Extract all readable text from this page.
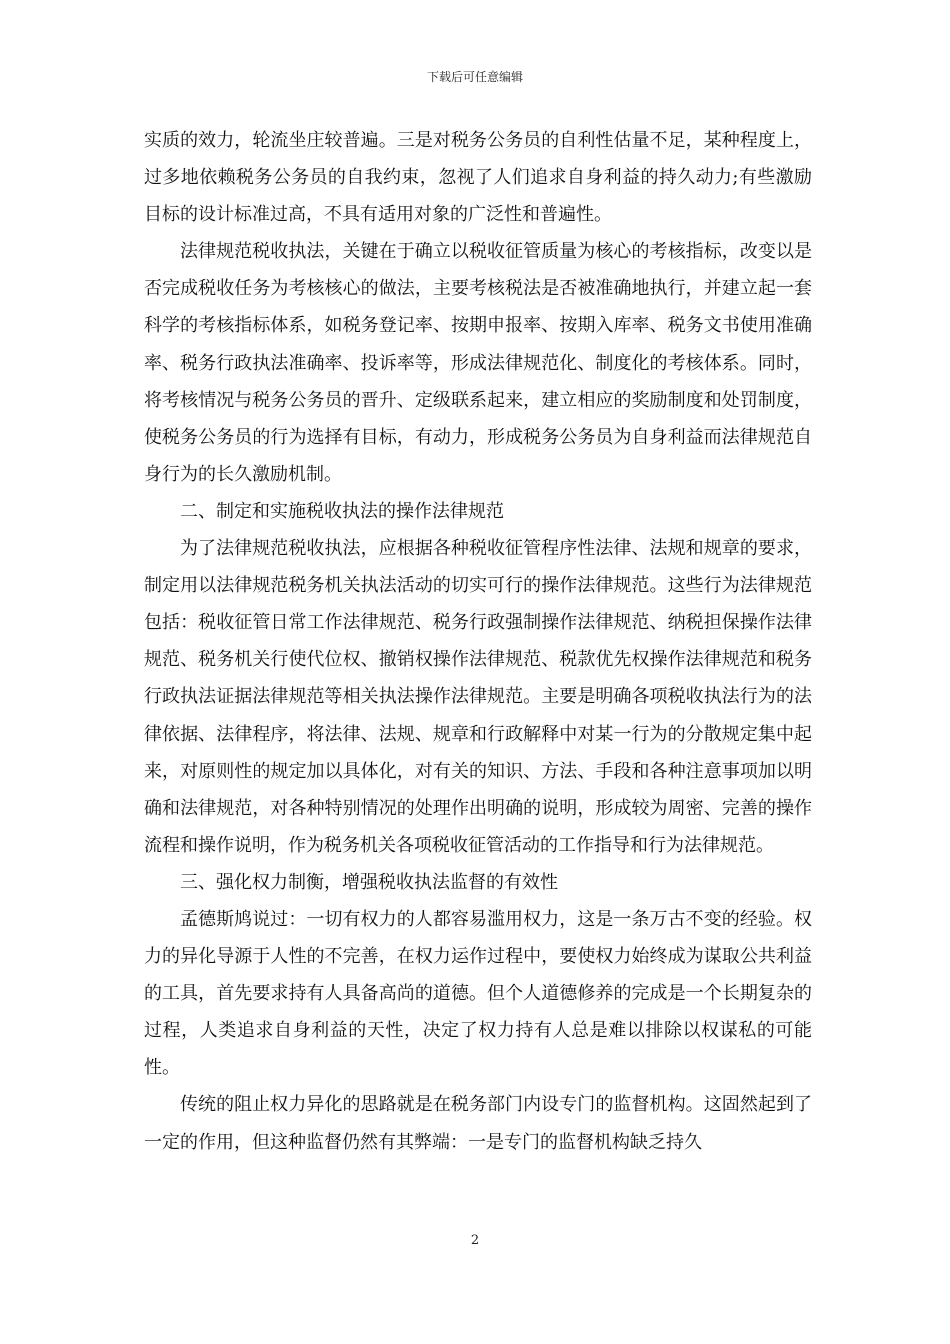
下载后可任意编辑

实质的效力，轮流坐庄较普遍。三是对税务公务员的自利性估量不足，某种程度上，过多地依赖税务公务员的自我约束，忽视了人们追求自身利益的持久动力;有些激励目标的设计标准过高，不具有适用对象的广泛性和普遍性。

法律规范税收执法，关键在于确立以税收征管质量为核心的考核指标，改变以是否完成税收任务为考核核心的做法，主要考核税法是否被准确地执行，并建立起一套科学的考核指标体系，如税务登记率、按期申报率、按期入库率、税务文书使用准确率、税务行政执法准确率、投诉率等，形成法律规范化、制度化的考核体系。同时，将考核情况与税务公务员的晋升、定级联系起来，建立相应的奖励制度和处罚制度，使税务公务员的行为选择有目标，有动力，形成税务公务员为自身利益而法律规范自身行为的长久激励机制。

二、制定和实施税收执法的操作法律规范

为了法律规范税收执法，应根据各种税收征管程序性法律、法规和规章的要求，制定用以法律规范税务机关执法活动的切实可行的操作法律规范。这些行为法律规范包括：税收征管日常工作法律规范、税务行政强制操作法律规范、纳税担保操作法律规范、税务机关行使代位权、撤销权操作法律规范、税款优先权操作法律规范和税务行政执法证据法律规范等相关执法操作法律规范。主要是明确各项税收执法行为的法律依据、法律程序，将法律、法规、规章和行政解释中对某一行为的分散规定集中起来，对原则性的规定加以具体化，对有关的知识、方法、手段和各种注意事项加以明确和法律规范，对各种特别情况的处理作出明确的说明，形成较为周密、完善的操作流程和操作说明，作为税务机关各项税收征管活动的工作指导和行为法律规范。

三、强化权力制衡，增强税收执法监督的有效性

孟德斯鸠说过：一切有权力的人都容易滥用权力，这是一条万古不变的经验。权力的异化导源于人性的不完善，在权力运作过程中，要使权力始终成为谋取公共利益的工具，首先要求持有人具备高尚的道德。但个人道德修养的完成是一个长期复杂的过程，人类追求自身利益的天性，决定了权力持有人总是难以排除以权谋私的可能性。

传统的阻止权力异化的思路就是在税务部门内设专门的监督机构。这固然起到了一定的作用，但这种监督仍然有其弊端：一是专门的监督机构缺乏持久

2
